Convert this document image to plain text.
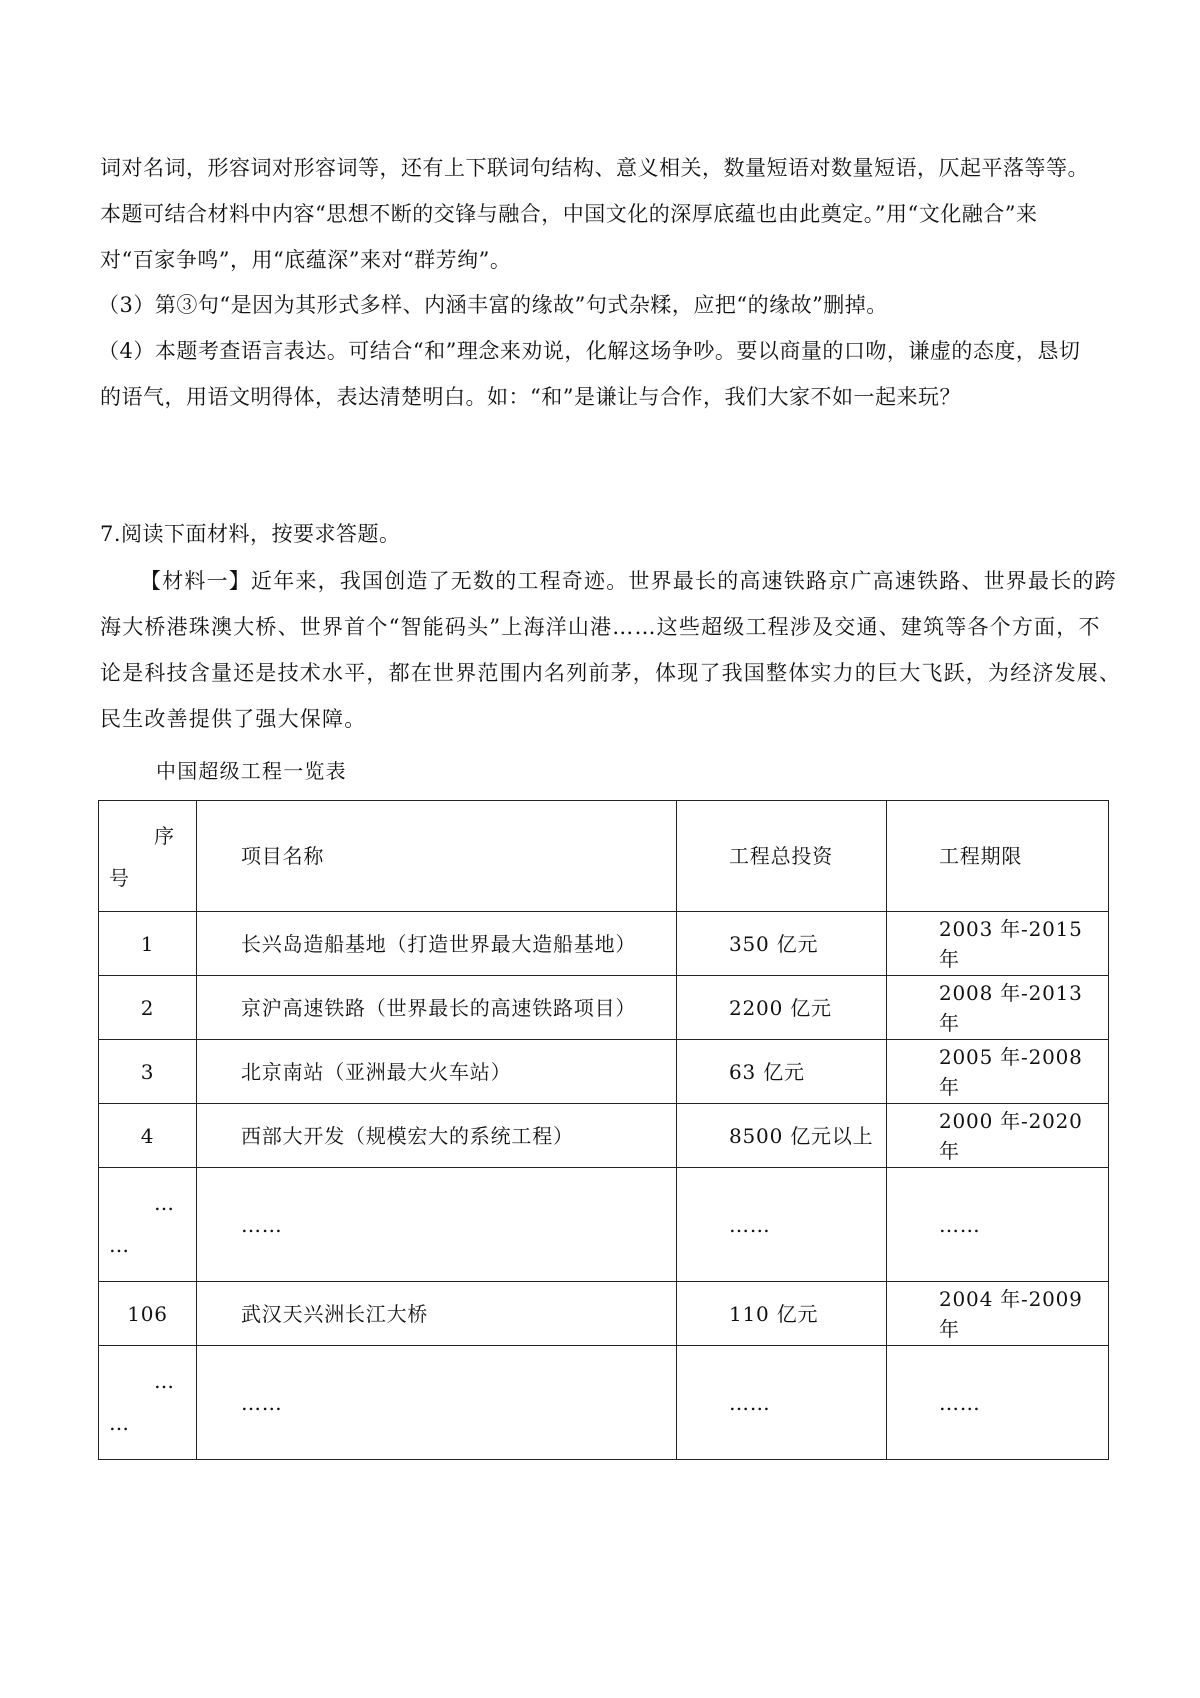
词对名词，形容词对形容词等，还有上下联词句结构、意义相关，数量短语对数量短语，仄起平落等等。
本题可结合材料中内容“思想不断的交锋与融合，中国文化的深厚底蕴也由此奠定。”用“文化融合”来
对“百家争鸣”，用“底蕴深”来对“群芳绚”。
（3）第③句“是因为其形式多样、内涵丰富的缘故”句式杂糅，应把“的缘故”删掉。
（4）本题考查语言表达。可结合“和”理念来劝说，化解这场争吵。要以商量的口吻，谦虚的态度，恳切
的语气，用语文明得体，表达清楚明白。如：“和”是谦让与合作，我们大家不如一起来玩？
7.阅读下面材料，按要求答题。
【材料一】近年来，我国创造了无数的工程奇迹。世界最长的高速铁路京广高速铁路、世界最长的跨
海大桥港珠澳大桥、世界首个“智能码头”上海洋山港……这些超级工程涉及交通、建筑等各个方面，不
论是科技含量还是技术水平，都在世界范围内名列前茅，体现了我国整体实力的巨大飞跃，为经济发展、
民生改善提供了强大保障。
中国超级工程一览表
序
号	项目名称	工程总投资	工程期限
1	长兴岛造船基地（打造世界最大造船基地）	350 亿元	2003 年-2015 年
2	京沪高速铁路（世界最长的高速铁路项目）	2200 亿元	2008 年-2013 年
3	北京南站（亚洲最大火车站）	63 亿元	2005 年-2008 年
4	西部大开发（规模宏大的系统工程）	8500 亿元以上	2000 年-2020 年

…
…	……	……	……
106	武汉天兴洲长江大桥	110 亿元	2004 年-2009 年

…
…	……	……	……
